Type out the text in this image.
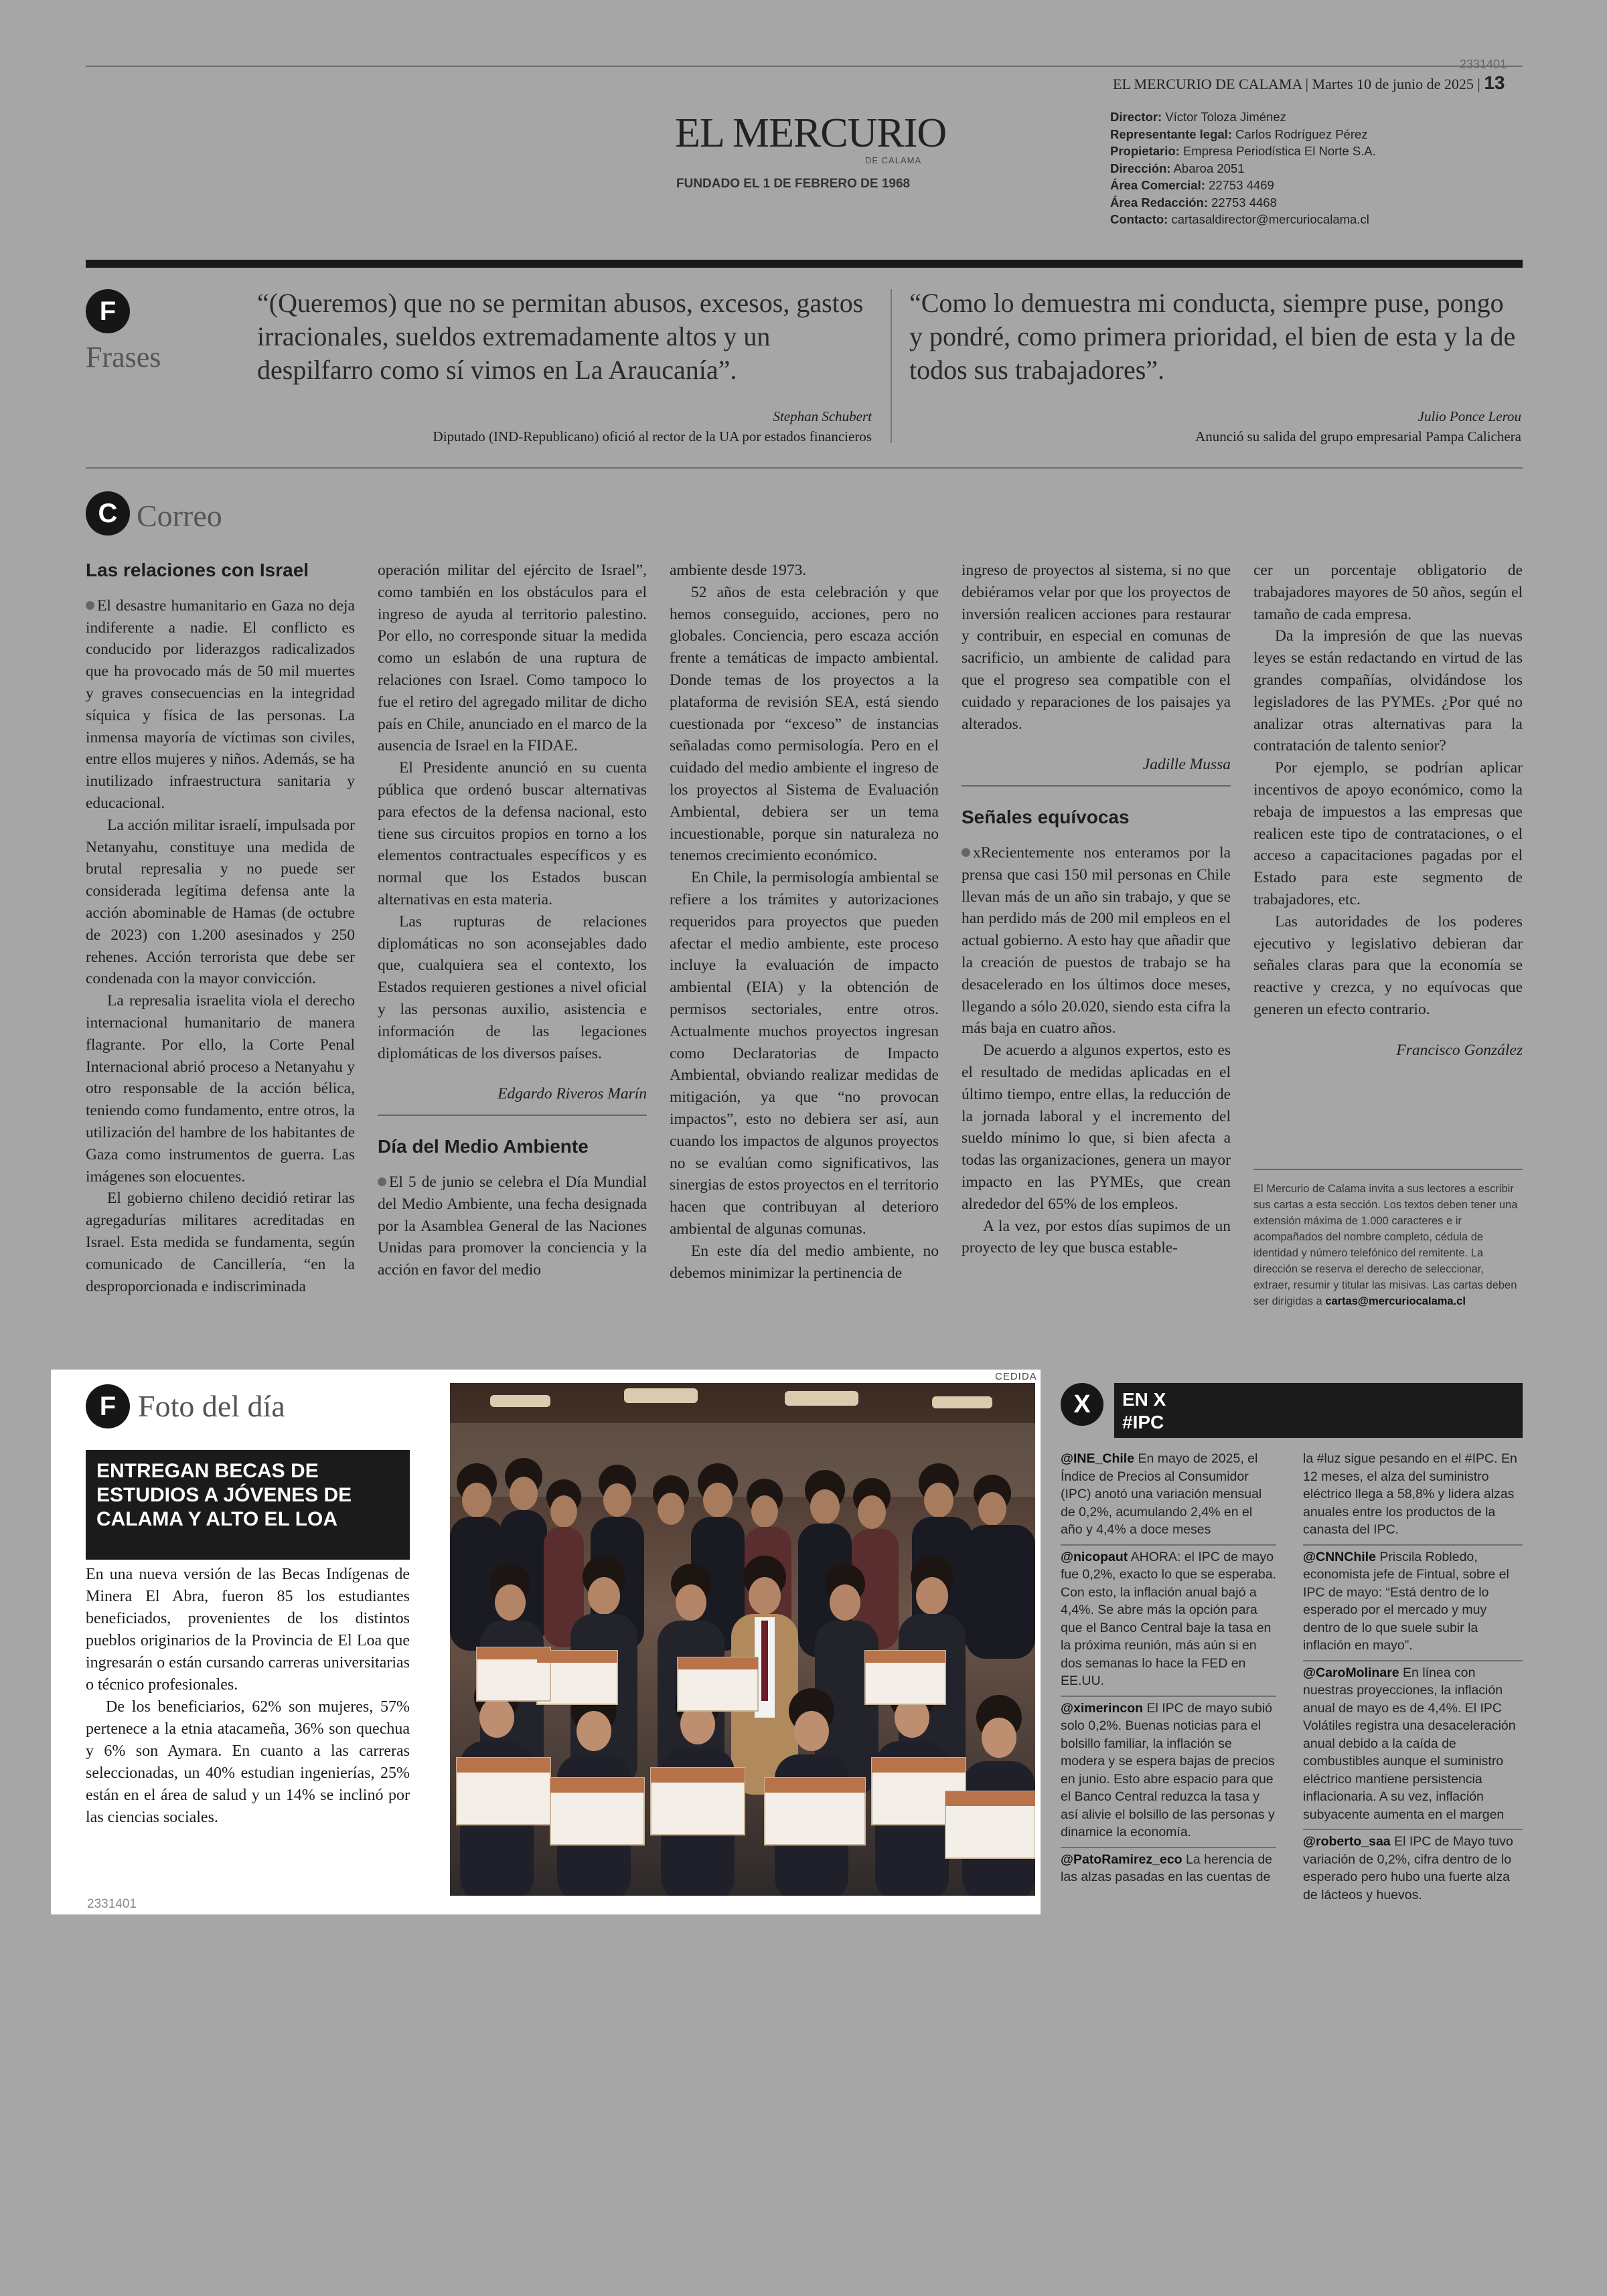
2331401
EL MERCURIO DE CALAMA | Martes 10 de junio de 2025 | 13
EL MERCURIO
DE CALAMA
FUNDADO EL 1 DE FEBRERO DE 1968
Director: Víctor Toloza Jiménez
Representante legal: Carlos Rodríguez Pérez
Propietario: Empresa Periodística El Norte S.A.
Dirección: Abaroa 2051
Área Comercial: 22753 4469
Área Redacción: 22753 4468
Contacto: cartasaldirector@mercuriocalama.cl
F
Frases
“(Queremos) que no se permitan abusos, excesos, gastos irracionales, sueldos extremadamente altos y un despilfarro como sí vimos en La Araucanía”.
Stephan Schubert
Diputado (IND-Republicano) ofició al rector de la UA por estados financieros
“Como lo demuestra mi conducta, siempre puse, pongo y pondré, como primera prioridad, el bien de esta y la de todos sus trabajadores”.
Julio Ponce Lerou
Anunció su salida del grupo empresarial Pampa Calichera
C Correo
Las relaciones con Israel

El desastre humanitario en Gaza no deja indiferente a nadie. El conflicto es conducido por liderazgos radicalizados que ha provocado más de 50 mil muertes y graves consecuencias en la integridad síquica y física de las personas. La inmensa mayoría de víctimas son civiles, entre ellos mujeres y niños. Además, se ha inutilizado infraestructura sanitaria y educacional.

La acción militar israelí, impulsada por Netanyahu, constituye una medida de brutal represalia y no puede ser considerada legítima defensa ante la acción abominable de Hamas (de octubre de 2023) con 1.200 asesinados y 250 rehenes. Acción terrorista que debe ser condenada con la mayor convicción.

La represalia israelita viola el derecho internacional humanitario de manera flagrante. Por ello, la Corte Penal Internacional abrió proceso a Netanyahu y otro responsable de la acción bélica, teniendo como fundamento, entre otros, la utilización del hambre de los habitantes de Gaza como instrumentos de guerra. Las imágenes son elocuentes.

El gobierno chileno decidió retirar las agregadurías militares acreditadas en Israel. Esta medida se fundamenta, según comunicado de Cancillería, “en la desproporcionada e indiscriminada

operación militar del ejército de Israel”, como también en los obstáculos para el ingreso de ayuda al territorio palestino. Por ello, no corresponde situar la medida como un eslabón de una ruptura de relaciones con Israel. Como tampoco lo fue el retiro del agregado militar de dicho país en Chile, anunciado en el marco de la ausencia de Israel en la FIDAE.

El Presidente anunció en su cuenta pública que ordenó buscar alternativas para efectos de la defensa nacional, esto tiene sus circuitos propios en torno a los elementos contractuales específicos y es normal que los Estados buscan alternativas en esta materia.

Las rupturas de relaciones diplomáticas no son aconsejables dado que, cualquiera sea el contexto, los Estados requieren gestiones a nivel oficial y las personas auxilio, asistencia e información de las legaciones diplomáticas de los diversos países.

Edgardo Riveros Marín

Día del Medio Ambiente

El 5 de junio se celebra el Día Mundial del Medio Ambiente, una fecha designada por la Asamblea General de las Naciones Unidas para promover la conciencia y la acción en favor del medio

ambiente desde 1973.

52 años de esta celebración y que hemos conseguido, acciones, pero no globales. Conciencia, pero escaza acción frente a temáticas de impacto ambiental. Donde temas de los proyectos a la plataforma de revisión SEA, está siendo cuestionada por “exceso” de instancias señaladas como permisología. Pero en el cuidado del medio ambiente el ingreso de los proyectos al Sistema de Evaluación Ambiental, debiera ser un tema incuestionable, porque sin naturaleza no tenemos crecimiento económico.

En Chile, la permisología ambiental se refiere a los trámites y autorizaciones requeridos para proyectos que pueden afectar el medio ambiente, este proceso incluye la evaluación de impacto ambiental (EIA) y la obtención de permisos sectoriales, entre otros. Actualmente muchos proyectos ingresan como Declaratorias de Impacto Ambiental, obviando realizar medidas de mitigación, ya que “no provocan impactos”, esto no debiera ser así, aun cuando los impactos de algunos proyectos no se evalúan como significativos, las sinergias de estos proyectos en el territorio hacen que contribuyan al deterioro ambiental de algunas comunas.

En este día del medio ambiente, no debemos minimizar la pertinencia de

ingreso de proyectos al sistema, si no que debiéramos velar por que los proyectos de inversión realicen acciones para restaurar y contribuir, en especial en comunas de sacrificio, un ambiente de calidad para que el progreso sea compatible con el cuidado y reparaciones de los paisajes ya alterados.

Jadille Mussa

Señales equívocas

xRecientemente nos enteramos por la prensa que casi 150 mil personas en Chile llevan más de un año sin trabajo, y que se han perdido más de 200 mil empleos en el actual gobierno. A esto hay que añadir que la creación de puestos de trabajo se ha desacelerado en los últimos doce meses, llegando a sólo 20.020, siendo esta cifra la más baja en cuatro años.

De acuerdo a algunos expertos, esto es el resultado de medidas aplicadas en el último tiempo, entre ellas, la reducción de la jornada laboral y el incremento del sueldo mínimo lo que, si bien afecta a todas las organizaciones, genera un mayor impacto en las PYMEs, que crean alrededor del 65% de los empleos.

A la vez, por estos días supimos de un proyecto de ley que busca estable-

cer un porcentaje obligatorio de trabajadores mayores de 50 años, según el tamaño de cada empresa.

Da la impresión de que las nuevas leyes se están redactando en virtud de las grandes compañías, olvidándose los legisladores de las PYMEs. ¿Por qué no analizar otras alternativas para la contratación de talento senior?

Por ejemplo, se podrían aplicar incentivos de apoyo económico, como la rebaja de impuestos a las empresas que realicen este tipo de contrataciones, o el acceso a capacitaciones pagadas por el Estado para este segmento de trabajadores, etc.

Las autoridades de los poderes ejecutivo y legislativo debieran dar señales claras para que la economía se reactive y crezca, y no equívocas que generen un efecto contrario.

Francisco González

El Mercurio de Calama invita a sus lectores a escribir sus cartas a esta sección. Los textos deben tener una extensión máxima de 1.000 caracteres e ir acompañados del nombre completo, cédula de identidad y número telefónico del remitente. La dirección se reserva el derecho de seleccionar, extraer, resumir y titular las misivas. Las cartas deben ser dirigidas a cartas@mercuriocalama.cl
F Foto del día
ENTREGAN BECAS DE ESTUDIOS A JÓVENES DE CALAMA Y ALTO EL LOA

En una nueva versión de las Becas Indígenas de Minera El Abra, fueron 85 los estudiantes beneficiados, provenientes de los distintos pueblos originarios de la Provincia de El Loa que ingresarán o están cursando carreras universitarias o técnico profesionales.

De los beneficiarios, 62% son mujeres, 57% pertenece a la etnia atacameña, 36% son quechua y 6% son Aymara. En cuanto a las carreras seleccionadas, un 40% estudian ingenierías, 25% están en el área de salud y un 14% se inclinó por las ciencias sociales.

2331401
CEDIDA
X	EN X
#IPC
@INE_Chile En mayo de 2025, el Índice de Precios al Consumidor (IPC) anotó una variación mensual de 0,2%, acumulando 2,4% en el año y 4,4% a doce meses
@nicopaut AHORA: el IPC de mayo fue 0,2%, exacto lo que se esperaba. Con esto, la inflación anual bajó a 4,4%. Se abre más la opción para que el Banco Central baje la tasa en la próxima reunión, más aún si en dos semanas lo hace la FED en EE.UU.
@ximerincon El IPC de mayo subió solo 0,2%. Buenas noticias para el bolsillo familiar, la inflación se modera y se espera bajas de precios en junio. Esto abre espacio para que el Banco Central reduzca la tasa y así alivie el bolsillo de las personas y dinamice la economía.
@PatoRamirez_eco La herencia de las alzas pasadas en las cuentas de
la #luz sigue pesando en el #IPC. En 12 meses, el alza del suministro eléctrico llega a 58,8% y lidera alzas anuales entre los productos de la canasta del IPC.
@CNNChile Priscila Robledo, economista jefe de Fintual, sobre el IPC de mayo: “Está dentro de lo esperado por el mercado y muy dentro de lo que suele subir la inflación en mayo”.
@CaroMolinare En línea con nuestras proyecciones, la inflación anual de mayo es de 4,4%. El IPC Volátiles registra una desaceleración anual debido a la caída de combustibles aunque el suministro eléctrico mantiene persistencia inflacionaria. A su vez, inflación subyacente aumenta en el margen
@roberto_saa El IPC de Mayo tuvo variación de 0,2%, cifra dentro de lo esperado pero hubo una fuerte alza de lácteos y huevos.
